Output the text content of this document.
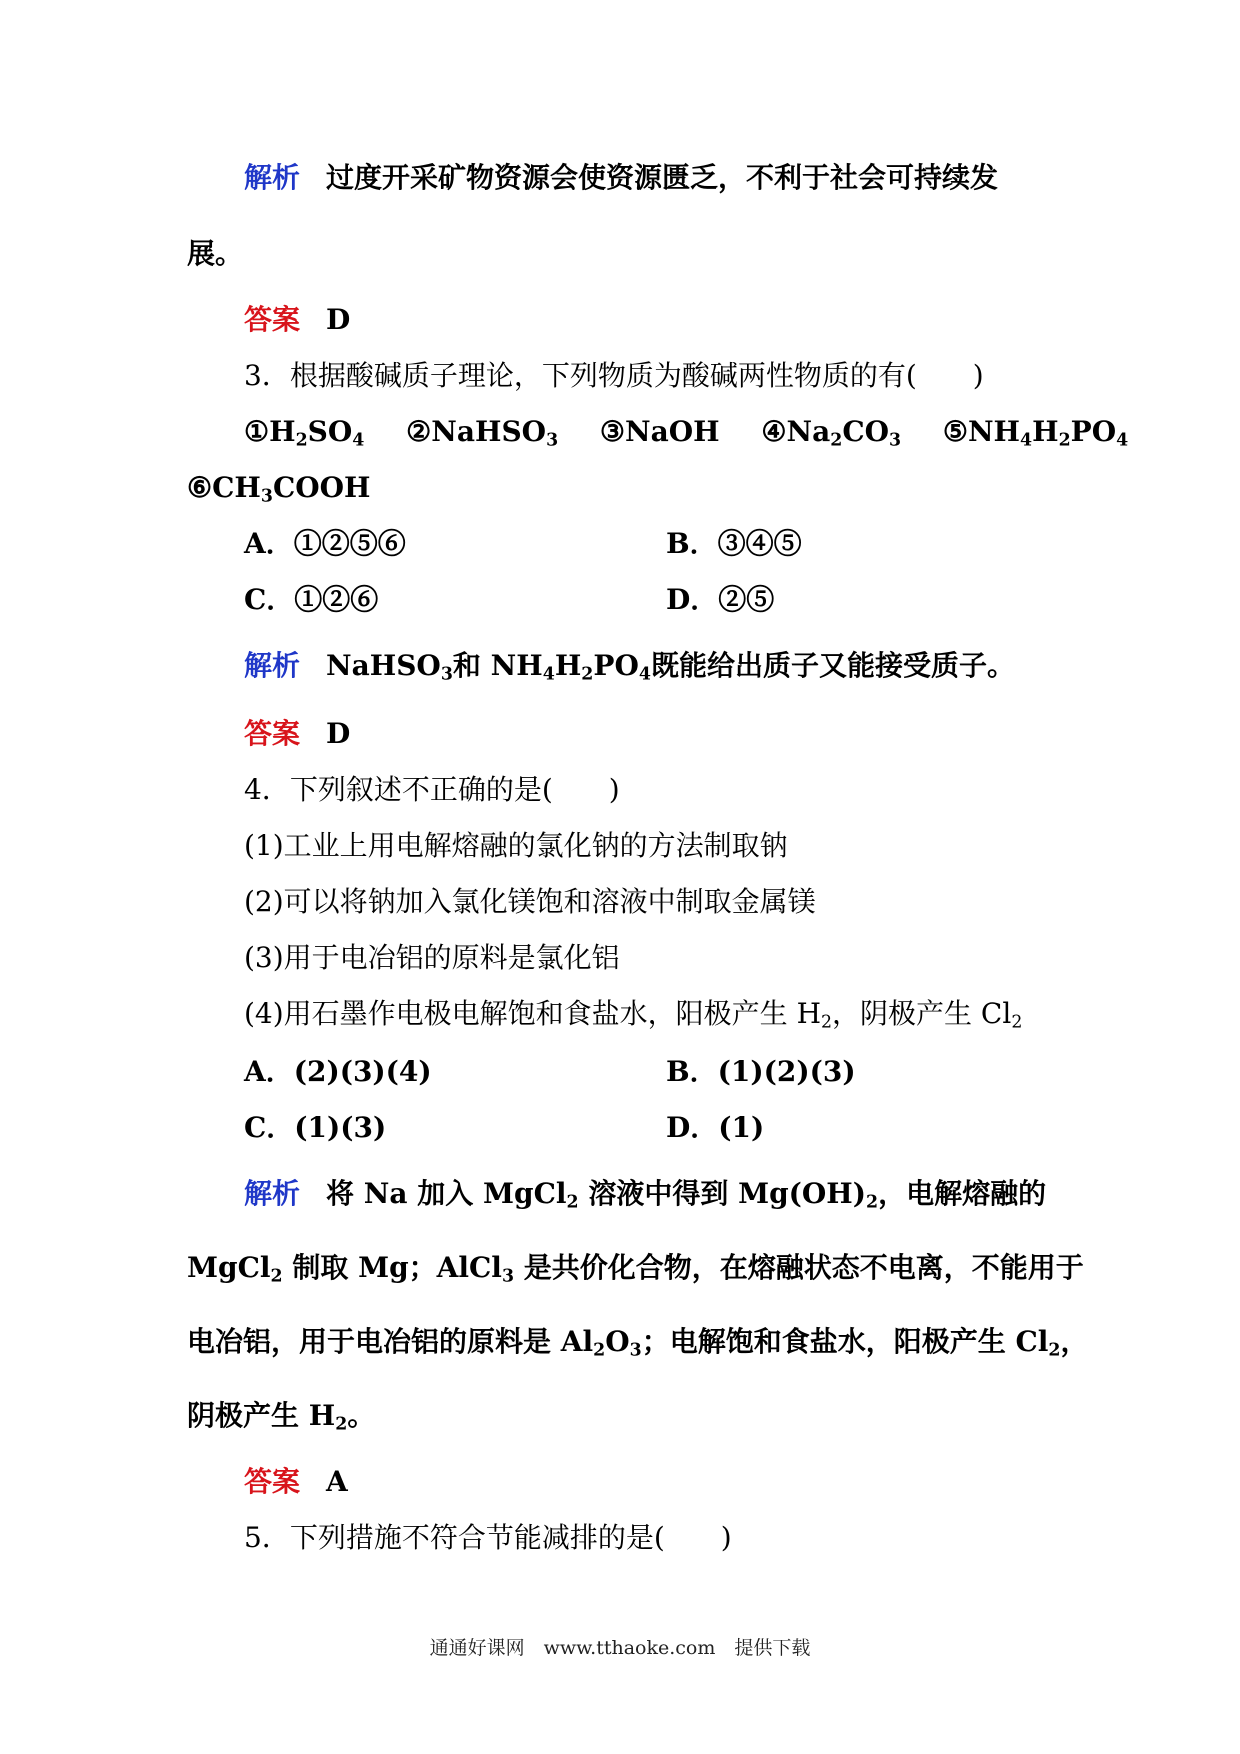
解析 过度开采矿物资源会使资源匮乏，不利于社会可持续发
展。
答案 D
3．根据酸碱质子理论，下列物质为酸碱两性物质的有(　　)
$①H_2SO_4$ ②NaHSO$_3$ ③NaOH $④Na_2CO_3$ $⑤NH_4H_2PO_4$
$⑥CH_3COOH$
A．①②⑤⑥	B．③④⑤
C．①②⑥	D．②⑤
解析 NaHSO$_3$和 $NH_4H_2PO_4$既能给出质子又能接受质子。
答案 D
4．下列叙述不正确的是(　　)
(1)工业上用电解熔融的氯化钠的方法制取钠
(2)可以将钠加入氯化镁饱和溶液中制取金属镁
(3)用于电冶铝的原料是氯化铝
(4)用石墨作电极电解饱和食盐水，阳极产生 $H_2$，阴极产生 $Cl_2$
A．(2)(3)(4)	B．(1)(2)(3)
C．(1)(3)	D．(1)
解析 将 Na 加入 MgCl$_2$ 溶液中得到 $Mg(OH)_2$，电解熔融的
MgCl$_2$ 制取 Mg；AlCl$_3$ 是共价化合物，在熔融状态不电离，不能用于
电冶铝，用于电冶铝的原料是 $Al_2O_3$；电解饱和食盐水，阳极产生 $Cl_2$，
阴极产生 $H_2$。
答案 A
5．下列措施不符合节能减排的是(　　)
通通好课网　www.tthaoke.com　提供下载
